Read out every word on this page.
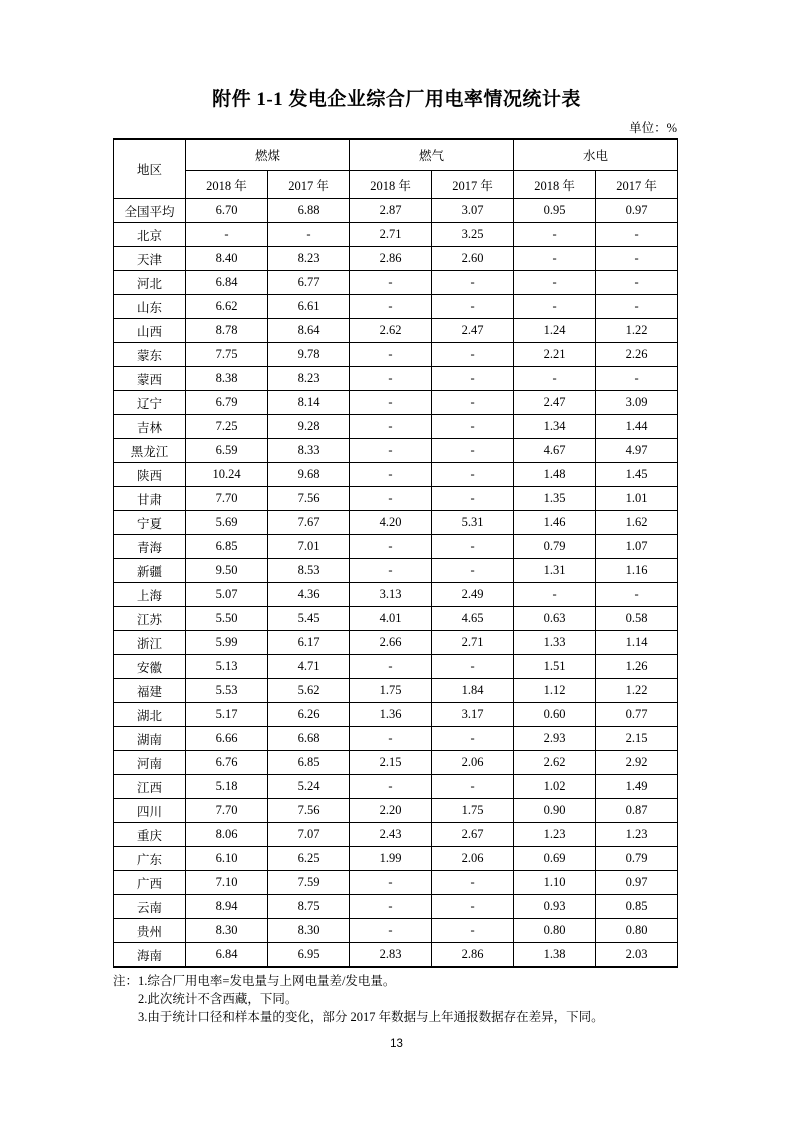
附件 1-1 发电企业综合厂用电率情况统计表
单位：%
地区	燃煤		燃气		水电	
	2018 年	2017 年	2018 年	2017 年	2018 年	2017 年
全国平均	6.70	6.88	2.87	3.07	0.95	0.97
北京	-	-	2.71	3.25	-	-
天津	8.40	8.23	2.86	2.60	-	-
河北	6.84	6.77	-	-	-	-
山东	6.62	6.61	-	-	-	-
山西	8.78	8.64	2.62	2.47	1.24	1.22
蒙东	7.75	9.78	-	-	2.21	2.26
蒙西	8.38	8.23	-	-	-	-
辽宁	6.79	8.14	-	-	2.47	3.09
吉林	7.25	9.28	-	-	1.34	1.44
黑龙江	6.59	8.33	-	-	4.67	4.97
陕西	10.24	9.68	-	-	1.48	1.45
甘肃	7.70	7.56	-	-	1.35	1.01
宁夏	5.69	7.67	4.20	5.31	1.46	1.62
青海	6.85	7.01	-	-	0.79	1.07
新疆	9.50	8.53	-	-	1.31	1.16
上海	5.07	4.36	3.13	2.49	-	-
江苏	5.50	5.45	4.01	4.65	0.63	0.58
浙江	5.99	6.17	2.66	2.71	1.33	1.14
安徽	5.13	4.71	-	-	1.51	1.26
福建	5.53	5.62	1.75	1.84	1.12	1.22
湖北	5.17	6.26	1.36	3.17	0.60	0.77
湖南	6.66	6.68	-	-	2.93	2.15
河南	6.76	6.85	2.15	2.06	2.62	2.92
江西	5.18	5.24	-	-	1.02	1.49
四川	7.70	7.56	2.20	1.75	0.90	0.87
重庆	8.06	7.07	2.43	2.67	1.23	1.23
广东	6.10	6.25	1.99	2.06	0.69	0.79
广西	7.10	7.59	-	-	1.10	0.97
云南	8.94	8.75	-	-	0.93	0.85
贵州	8.30	8.30	-	-	0.80	0.80
海南	6.84	6.95	2.83	2.86	1.38	2.03
注： 1.综合厂用电率=发电量与上网电量差/发电量。
2.此次统计不含西藏，下同。
3.由于统计口径和样本量的变化，部分 2017 年数据与上年通报数据存在差异，下同。
13
